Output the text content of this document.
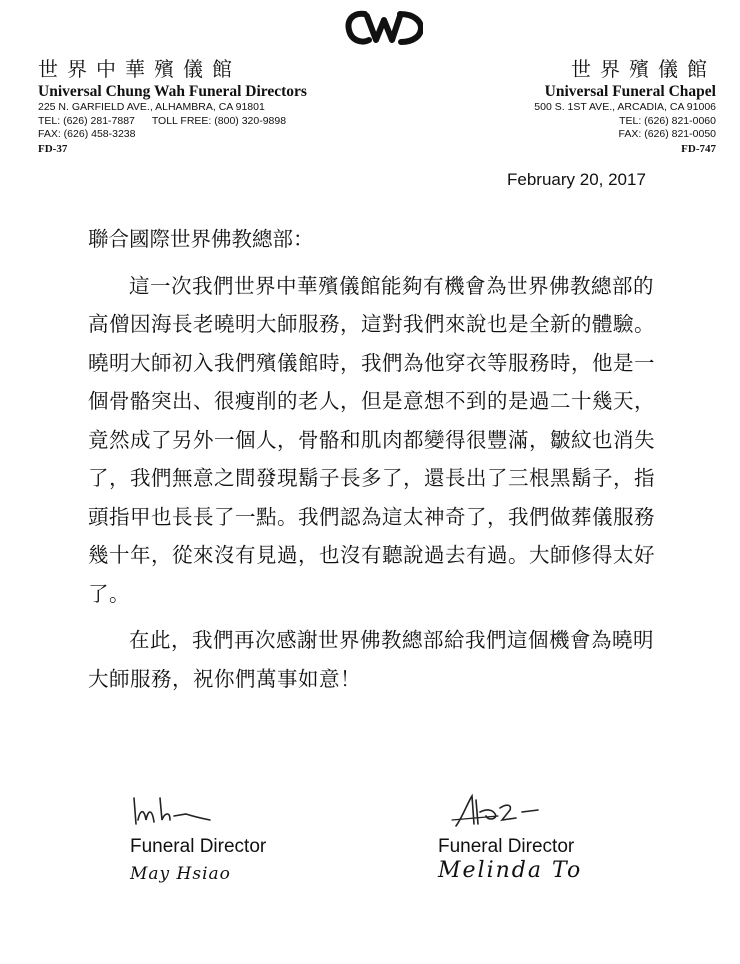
世界中華殯儀館
Universal Chung Wah Funeral Directors
225 N. GARFIELD AVE., ALHAMBRA, CA 91801
TEL: (626) 281-7887 TOLL FREE: (800) 320-9898
FAX: (626) 458-3238
FD-37
世界殯儀館
Universal Funeral Chapel
500 S. 1ST AVE., ARCADIA, CA 91006
TEL: (626) 821-0060
FAX: (626) 821-0050
FD-747
February 20, 2017

聯合國際世界佛教總部：

這一次我們世界中華殯儀館能夠有機會為世界佛教總部的高僧因海長老曉明大師服務，這對我們來說也是全新的體驗。曉明大師初入我們殯儀館時，我們為他穿衣等服務時，他是一個骨骼突出、很瘦削的老人，但是意想不到的是過二十幾天，竟然成了另外一個人，骨骼和肌肉都變得很豐滿，皺紋也消失了，我們無意之間發現鬍子長多了，還長出了三根黑鬍子，指頭指甲也長長了一點。我們認為這太神奇了，我們做葬儀服務幾十年，從來沒有見過，也沒有聽說過去有過。大師修得太好了。

在此，我們再次感謝世界佛教總部給我們這個機會為曉明大師服務，祝你們萬事如意！

Funeral Director
May Hsiao
Funeral Director
Melinda To
